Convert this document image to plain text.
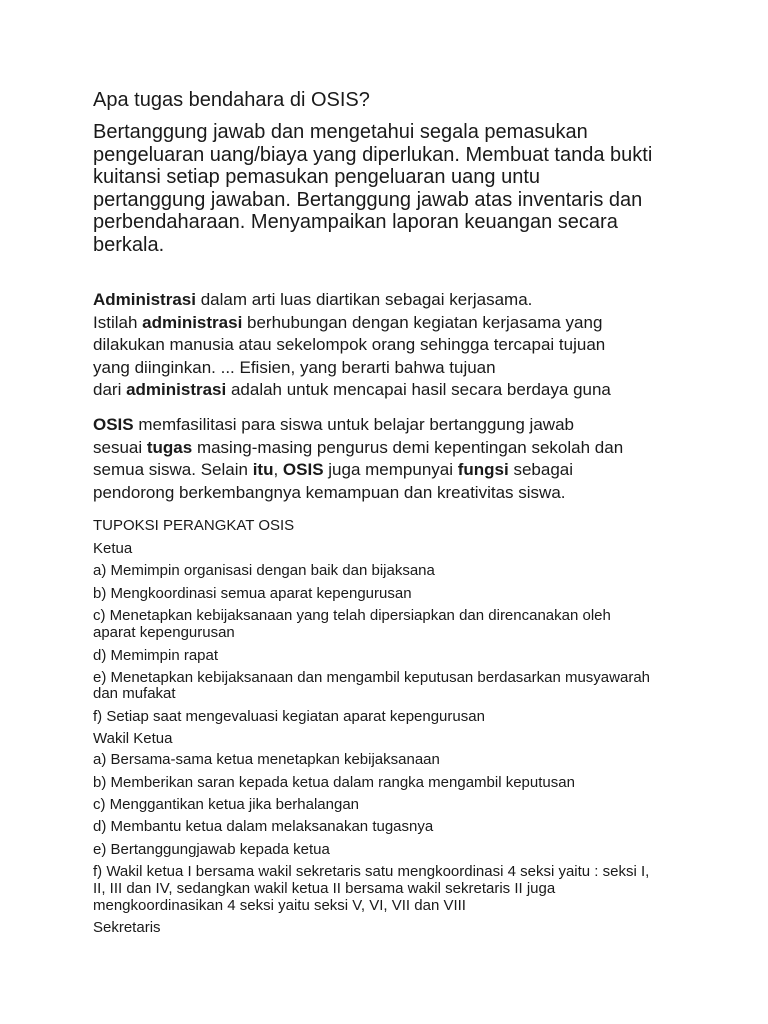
Apa tugas bendahara di OSIS?
Bertanggung jawab dan mengetahui segala pemasukan
pengeluaran uang/biaya yang diperlukan. Membuat tanda bukti
kuitansi setiap pemasukan pengeluaran uang untu
pertanggung jawaban. Bertanggung jawab atas inventaris dan
perbendaharaan. Menyampaikan laporan keuangan secara
berkala.
Administrasi dalam arti luas diartikan sebagai kerjasama.
Istilah administrasi berhubungan dengan kegiatan kerjasama yang
dilakukan manusia atau sekelompok orang sehingga tercapai tujuan
yang diinginkan. ... Efisien, yang berarti bahwa tujuan
dari administrasi adalah untuk mencapai hasil secara berdaya guna
OSIS memfasilitasi para siswa untuk belajar bertanggung jawab
sesuai tugas masing-masing pengurus demi kepentingan sekolah dan
semua siswa. Selain itu, OSIS juga mempunyai fungsi sebagai
pendorong berkembangnya kemampuan dan kreativitas siswa.
TUPOKSI PERANGKAT OSIS
Ketua
a) Memimpin organisasi dengan baik dan bijaksana
b) Mengkoordinasi semua aparat kepengurusan
c) Menetapkan kebijaksanaan yang telah dipersiapkan dan direncanakan oleh
aparat kepengurusan
d) Memimpin rapat
e) Menetapkan kebijaksanaan dan mengambil keputusan berdasarkan musyawarah
dan mufakat
f) Setiap saat mengevaluasi kegiatan aparat kepengurusan
Wakil Ketua
a) Bersama-sama ketua menetapkan kebijaksanaan
b) Memberikan saran kepada ketua dalam rangka mengambil keputusan
c) Menggantikan ketua jika berhalangan
d) Membantu ketua dalam melaksanakan tugasnya
e) Bertanggungjawab kepada ketua
f) Wakil ketua I bersama wakil sekretaris satu mengkoordinasi 4 seksi yaitu : seksi I,
II, III dan IV, sedangkan wakil ketua II bersama wakil sekretaris II juga
mengkoordinasikan 4 seksi yaitu seksi V, VI, VII dan VIII
Sekretaris
